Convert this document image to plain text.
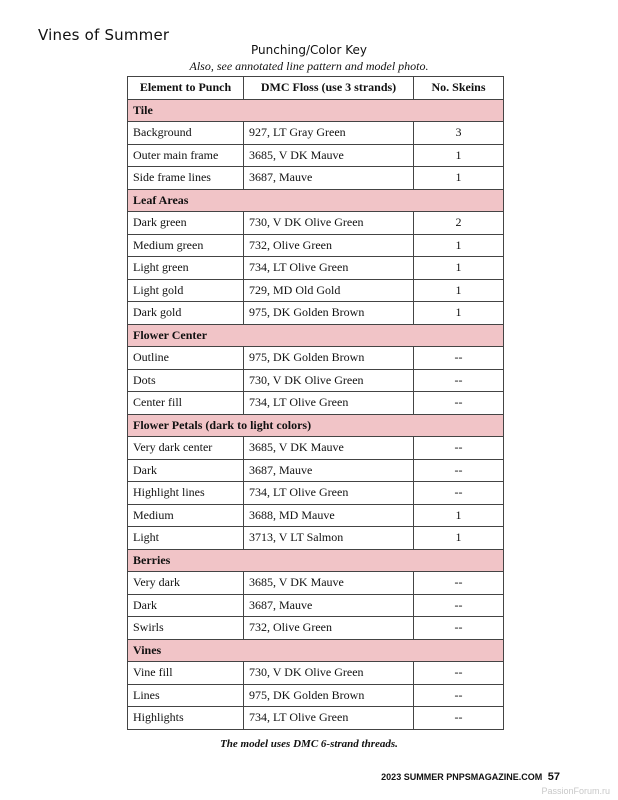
Vines of Summer
Punching/Color Key
Also, see annotated line pattern and model photo.
Element to Punch	DMC Floss (use 3 strands)	No. Skeins
Tile		
Background	927, LT Gray Green	3
Outer main frame	3685, V DK Mauve	1
Side frame lines	3687, Mauve	1
Leaf Areas		
Dark green	730, V DK Olive Green	2
Medium green	732, Olive Green	1
Light green	734, LT Olive Green	1
Light gold	729, MD Old Gold	1
Dark gold	975, DK Golden Brown	1
Flower Center		
Outline	975, DK Golden Brown	--
Dots	730, V DK Olive Green	--
Center fill	734, LT Olive Green	--
Flower Petals (dark to light colors)		
Very dark center	3685, V DK Mauve	--
Dark	3687, Mauve	--
Highlight lines	734, LT Olive Green	--
Medium	3688, MD Mauve	1
Light	3713, V LT Salmon	1
Berries		
Very dark	3685, V DK Mauve	--
Dark	3687, Mauve	--
Swirls	732, Olive Green	--
Vines		
Vine fill	730, V DK Olive Green	--
Lines	975, DK Golden Brown	--
Highlights	734, LT Olive Green	--
The model uses DMC 6-strand threads.
2023 SUMMER PNPSMAGAZINE.COM 57
PassionForum.ru
